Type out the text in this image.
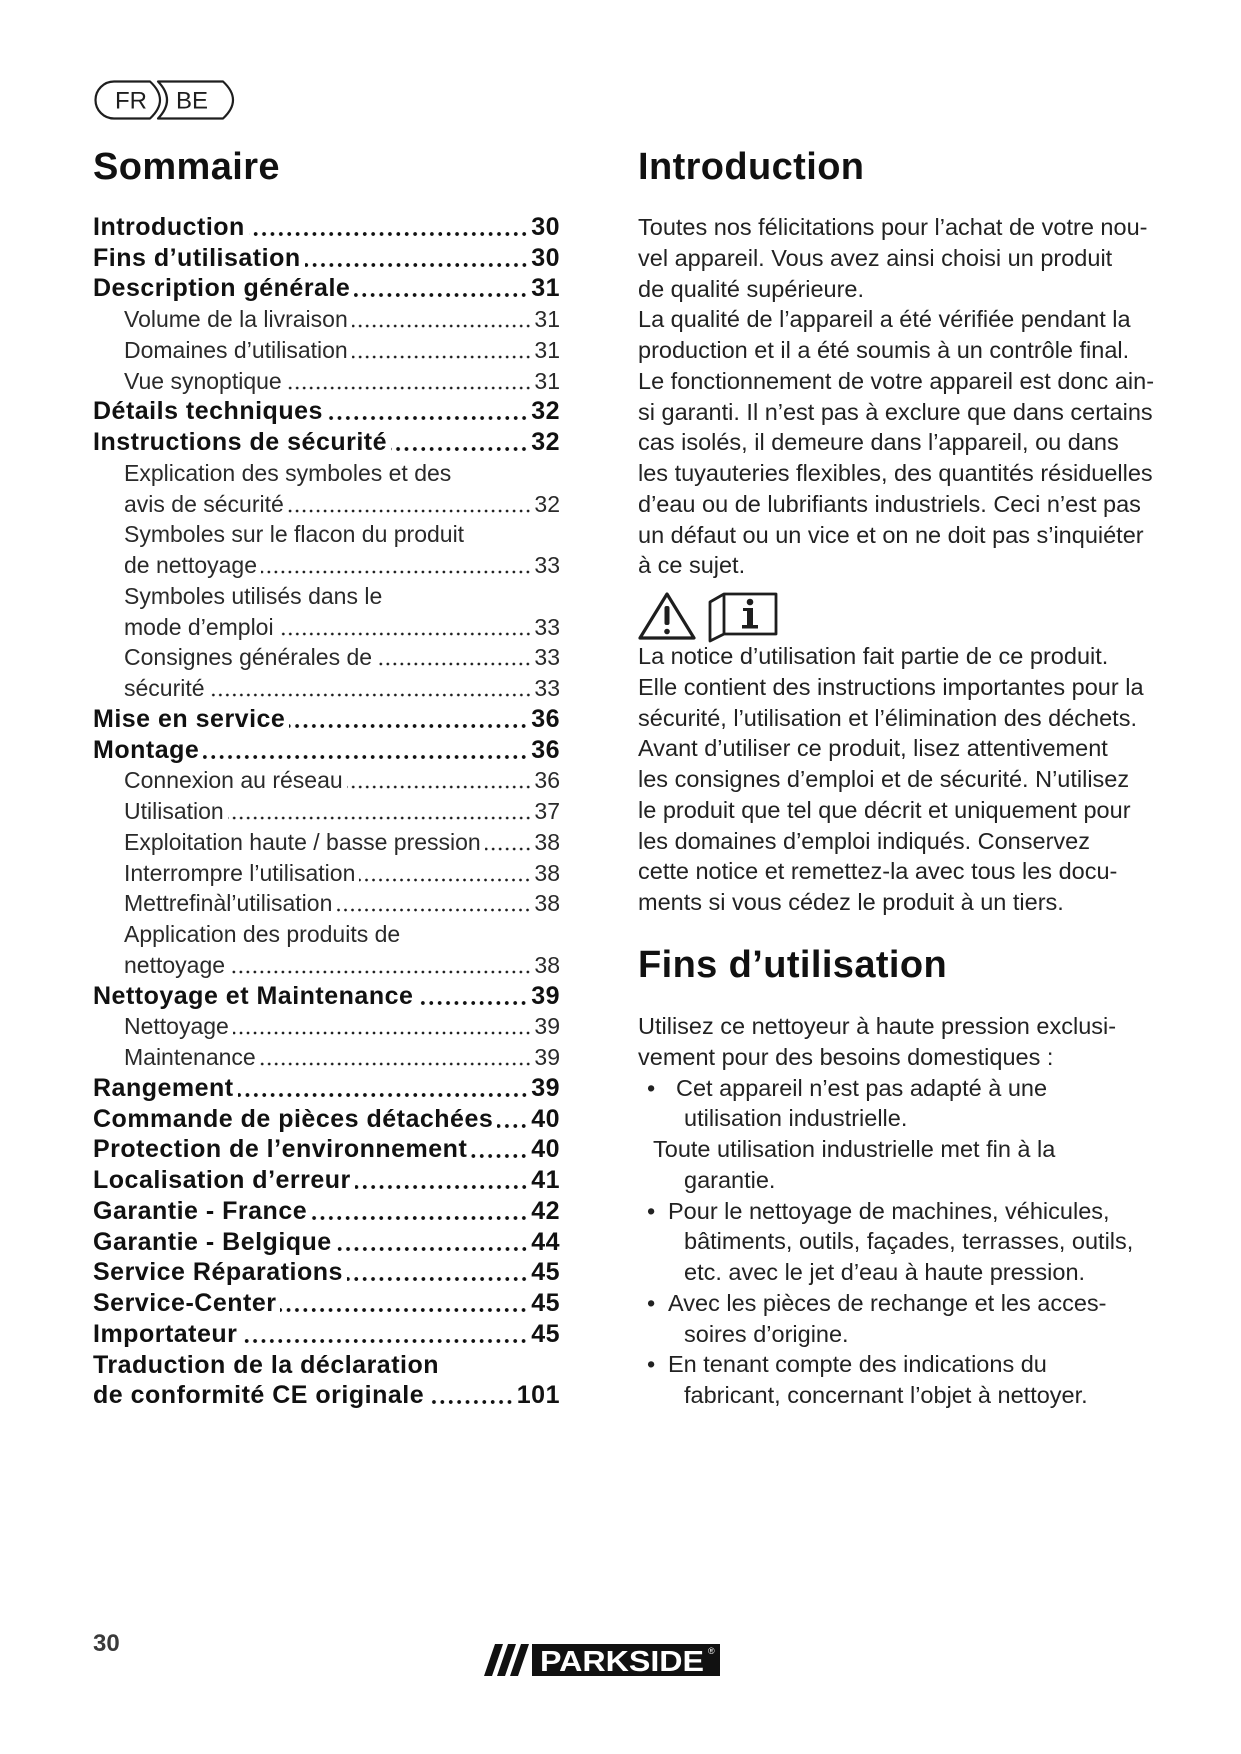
FR BE
Sommaire
Introduction	30
Fins d’utilisation	30
Description générale	31
Volume de la livraison	31
Domaines d’utilisation	31
Vue synoptique	31
Détails techniques	32
Instructions de sécurité	32
Explication des symboles et des
avis de sécurité	32
Symboles sur le flacon du produit
de nettoyage	33
Symboles utilisés dans le
mode d’emploi	33
Consignes générales de	33
sécurité	33
Mise en service	36
Montage	36
Connexion au réseau	36
Utilisation	37
Exploitation haute / basse pression 38
Interrompre l’utilisation	38
Mettrefinàl’utilisation	38
Application des produits de
nettoyage	38
Nettoyage et Maintenance	39
Nettoyage	39
Maintenance	39
Rangement	39
Commande de pièces détachées 40
Protection de l’environnement	40
Localisation d’erreur	41
Garantie - France	42
Garantie - Belgique	44
Service Réparations	45
Service-Center	45
Importateur	45
Traduction de la déclaration
de conformité CE originale	101
Introduction
Toutes nos félicitations pour l’achat de votre nou-
vel appareil. Vous avez ainsi choisi un produit
de qualité supérieure.
La qualité de l’appareil a été vérifiée pendant la
production et il a été soumis à un contrôle final.
Le fonctionnement de votre appareil est donc ain-
si garanti. Il n’est pas à exclure que dans certains
cas isolés, il demeure dans l’appareil, ou dans
les tuyauteries flexibles, des quantités résiduelles
d’eau ou de lubrifiants industriels. Ceci n’est pas
un défaut ou un vice et on ne doit pas s’inquiéter
à ce sujet.
La notice d’utilisation fait partie de ce produit.
Elle contient des instructions importantes pour la
sécurité, l’utilisation et l’élimination des déchets.
Avant d’utiliser ce produit, lisez attentivement
les consignes d’emploi et de sécurité. N’utilisez
le produit que tel que décrit et uniquement pour
les domaines d’emploi indiqués. Conservez
cette notice et remettez-la avec tous les docu-
ments si vous cédez le produit à un tiers.
Fins d’utilisation
Utilisez ce nettoyeur à haute pression exclusi-
vement pour des besoins domestiques :
• Cet appareil n’est pas adapté à une
utilisation industrielle.
Toute utilisation industrielle met fin à la
garantie.
• Pour le nettoyage de machines, véhicules,
bâtiments, outils, façades, terrasses, outils,
etc. avec le jet d’eau à haute pression.
• Avec les pièces de rechange et les acces-
soires d’origine.
• En tenant compte des indications du
fabricant, concernant l’objet à nettoyer.
30
PARKSIDE ®
